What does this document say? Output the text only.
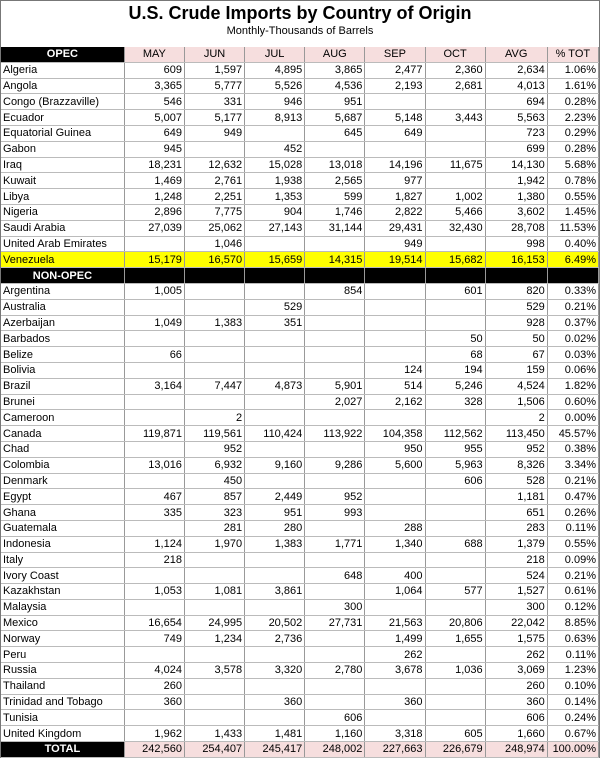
U.S. Crude Imports by Country of Origin
Monthly-Thousands of Barrels
OPEC	MAY	JUN	JUL	AUG	SEP	OCT	AVG	% TOT
Algeria	609	1,597	4,895	3,865	2,477	2,360	2,634	1.06%
Angola	3,365	5,777	5,526	4,536	2,193	2,681	4,013	1.61%
Congo (Brazzaville)	546	331	946	951			694	0.28%
Ecuador	5,007	5,177	8,913	5,687	5,148	3,443	5,563	2.23%
Equatorial Guinea	649	949		645	649		723	0.29%
Gabon	945		452				699	0.28%
Iraq	18,231	12,632	15,028	13,018	14,196	11,675	14,130	5.68%
Kuwait	1,469	2,761	1,938	2,565	977		1,942	0.78%
Libya	1,248	2,251	1,353	599	1,827	1,002	1,380	0.55%
Nigeria	2,896	7,775	904	1,746	2,822	5,466	3,602	1.45%
Saudi Arabia	27,039	25,062	27,143	31,144	29,431	32,430	28,708	11.53%
United Arab Emirates		1,046			949		998	0.40%
Venezuela	15,179	16,570	15,659	14,315	19,514	15,682	16,153	6.49%
NON-OPEC								
Argentina	1,005			854		601	820	0.33%
Australia			529				529	0.21%
Azerbaijan	1,049	1,383	351				928	0.37%
Barbados						50	50	0.02%
Belize	66					68	67	0.03%
Bolivia					124	194	159	0.06%
Brazil	3,164	7,447	4,873	5,901	514	5,246	4,524	1.82%
Brunei				2,027	2,162	328	1,506	0.60%
Cameroon		2					2	0.00%
Canada	119,871	119,561	110,424	113,922	104,358	112,562	113,450	45.57%
Chad		952			950	955	952	0.38%
Colombia	13,016	6,932	9,160	9,286	5,600	5,963	8,326	3.34%
Denmark		450				606	528	0.21%
Egypt	467	857	2,449	952			1,181	0.47%
Ghana	335	323	951	993			651	0.26%
Guatemala		281	280		288		283	0.11%
Indonesia	1,124	1,970	1,383	1,771	1,340	688	1,379	0.55%
Italy	218						218	0.09%
Ivory Coast				648	400		524	0.21%
Kazakhstan	1,053	1,081	3,861		1,064	577	1,527	0.61%
Malaysia				300			300	0.12%
Mexico	16,654	24,995	20,502	27,731	21,563	20,806	22,042	8.85%
Norway	749	1,234	2,736		1,499	1,655	1,575	0.63%
Peru					262		262	0.11%
Russia	4,024	3,578	3,320	2,780	3,678	1,036	3,069	1.23%
Thailand	260						260	0.10%
Trinidad and Tobago	360		360		360		360	0.14%
Tunisia				606			606	0.24%
United Kingdom	1,962	1,433	1,481	1,160	3,318	605	1,660	0.67%
TOTAL	242,560	254,407	245,417	248,002	227,663	226,679	248,974	100.00%
